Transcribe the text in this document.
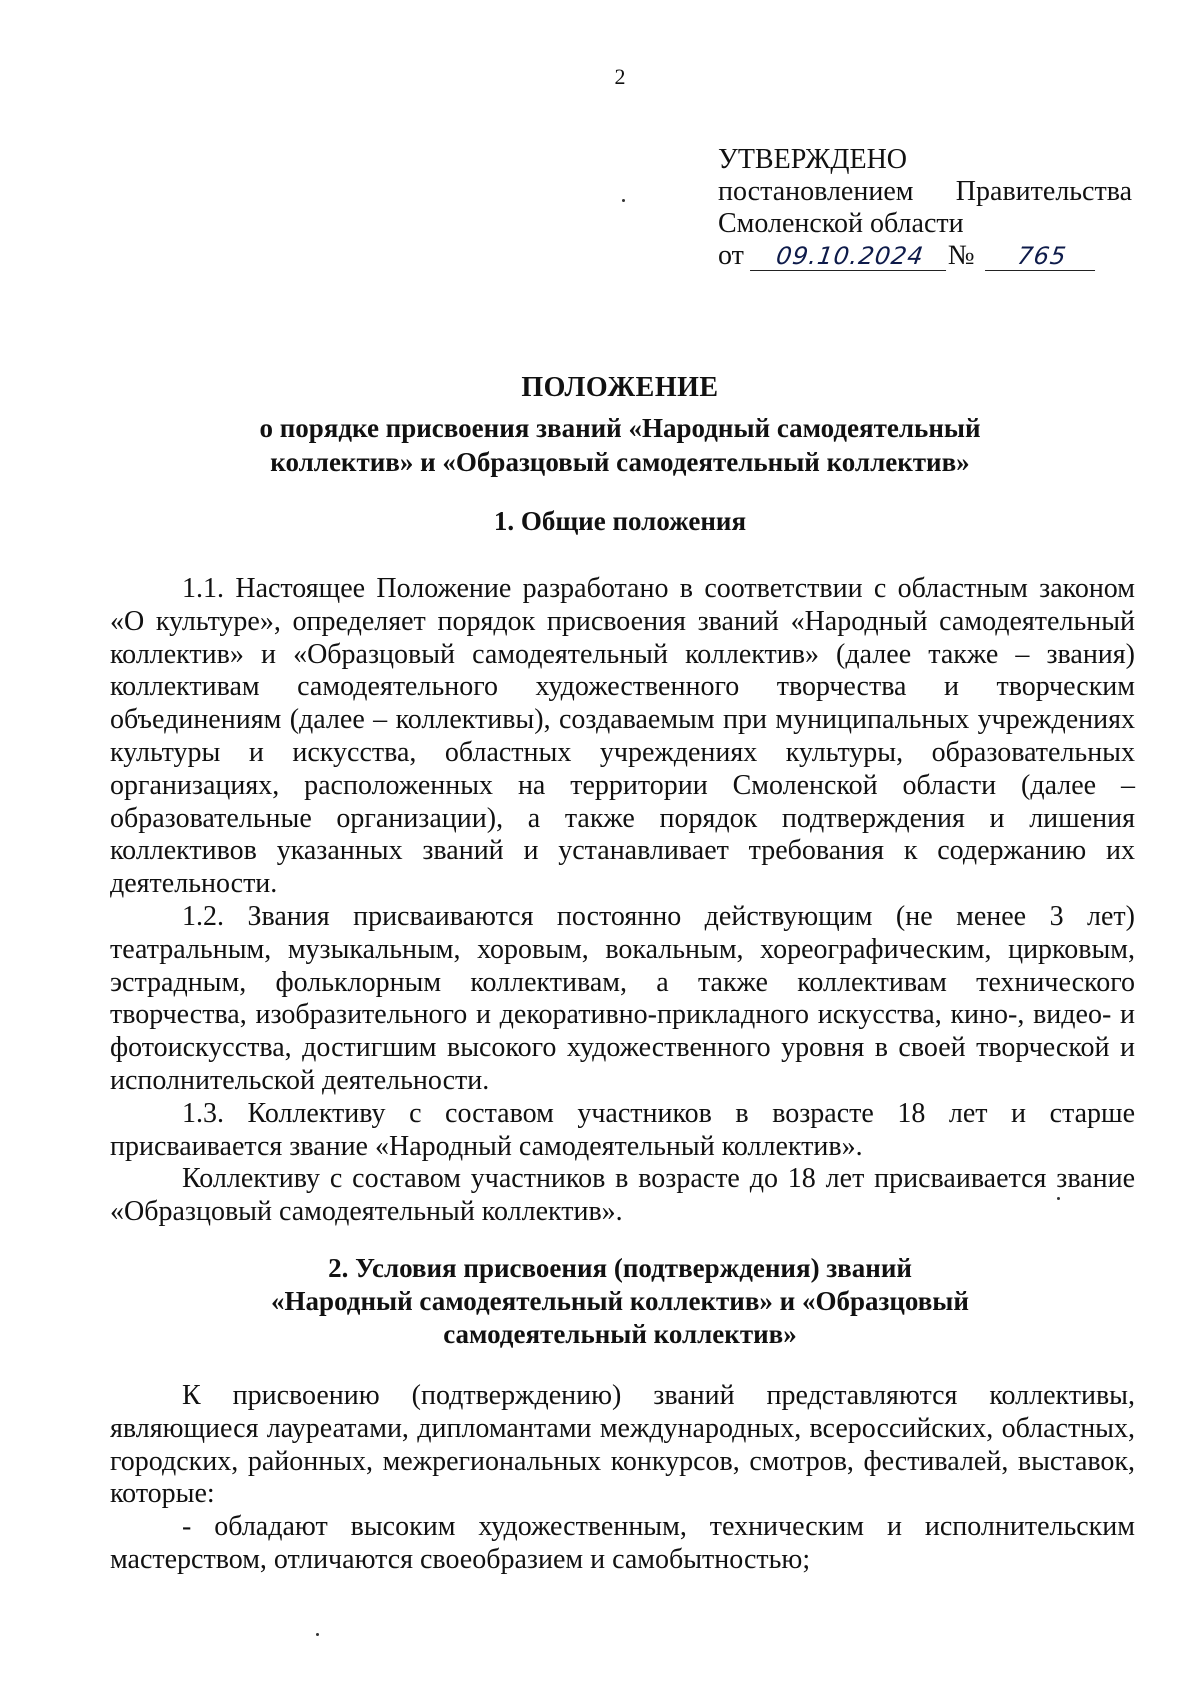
2
УТВЕРЖДЕНО
постановлением Правительства
Смоленской области
от	09.10.2024 №	765
ПОЛОЖЕНИЕ
о порядке присвоения званий «Народный самодеятельный
коллектив» и «Образцовый самодеятельный коллектив»
1. Общие положения

1.1. Настоящее Положение разработано в соответствии с областным законом «О культуре», определяет порядок присвоения званий «Народный самодеятельный коллектив» и «Образцовый самодеятельный коллектив» (далее также – звания) коллективам самодеятельного художественного творчества и творческим объединениям (далее – коллективы), создаваемым при муниципальных учреждениях культуры и искусства, областных учреждениях культуры, образовательных организациях, расположенных на территории Смоленской области (далее – образовательные организации), а также порядок подтверждения и лишения коллективов указанных званий и устанавливает требования к содержанию их деятельности.

1.2. Звания присваиваются постоянно действующим (не менее 3 лет) театральным, музыкальным, хоровым, вокальным, хореографическим, цирковым, эстрадным, фольклорным коллективам, а также коллективам технического творчества, изобразительного и декоративно-прикладного искусства, кино-, видео- и фотоискусства, достигшим высокого художественного уровня в своей творческой и исполнительской деятельности.

1.3. Коллективу с составом участников в возрасте 18 лет и старше присваивается звание «Народный самодеятельный коллектив».

Коллективу с составом участников в возрасте до 18 лет присваивается звание «Образцовый самодеятельный коллектив».

2. Условия присвоения (подтверждения) званий
«Народный самодеятельный коллектив» и «Образцовый
самодеятельный коллектив»

К присвоению (подтверждению) званий представляются коллективы, являющиеся лауреатами, дипломантами международных, всероссийских, областных, городских, районных, межрегиональных конкурсов, смотров, фестивалей, выставок, которые:

- обладают высоким художественным, техническим и исполнительским мастерством, отличаются своеобразием и самобытностью;
